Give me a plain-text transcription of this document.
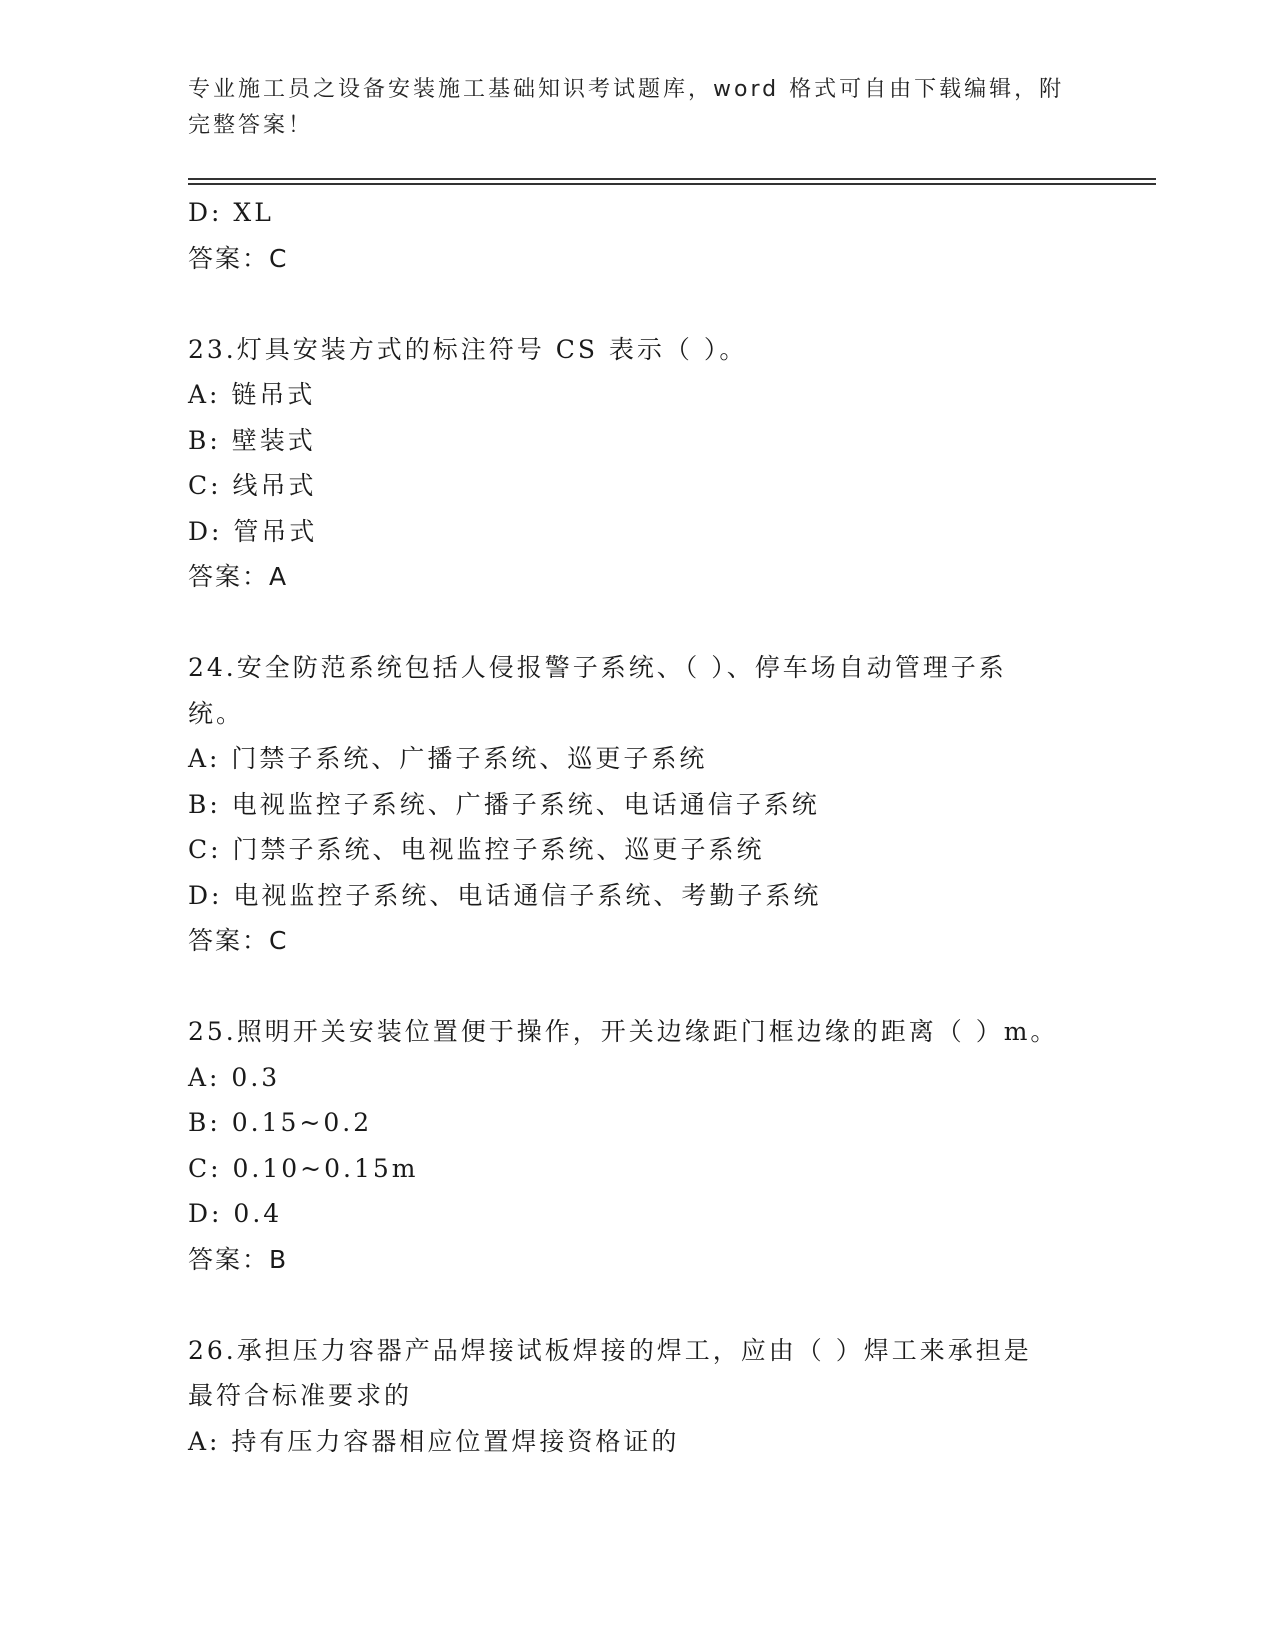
专业施工员之设备安装施工基础知识考试题库，word 格式可自由下载编辑，附完整答案！
D: XL
答案：C
23.灯具安装方式的标注符号 CS 表示（ ）。
A: 链吊式
B: 壁装式
C: 线吊式
D: 管吊式
答案：A
24.安全防范系统包括人侵报警子系统、（ ）、停车场自动管理子系
统。
A: 门禁子系统、广播子系统、巡更子系统
B: 电视监控子系统、广播子系统、电话通信子系统
C: 门禁子系统、电视监控子系统、巡更子系统
D: 电视监控子系统、电话通信子系统、考勤子系统
答案：C
25.照明开关安装位置便于操作，开关边缘距门框边缘的距离（ ）m。
A: 0.3
B: 0.15~0.2
C: 0.10~0.15m
D: 0.4
答案：B
26.承担压力容器产品焊接试板焊接的焊工，应由（ ）焊工来承担是
最符合标准要求的
A: 持有压力容器相应位置焊接资格证的
